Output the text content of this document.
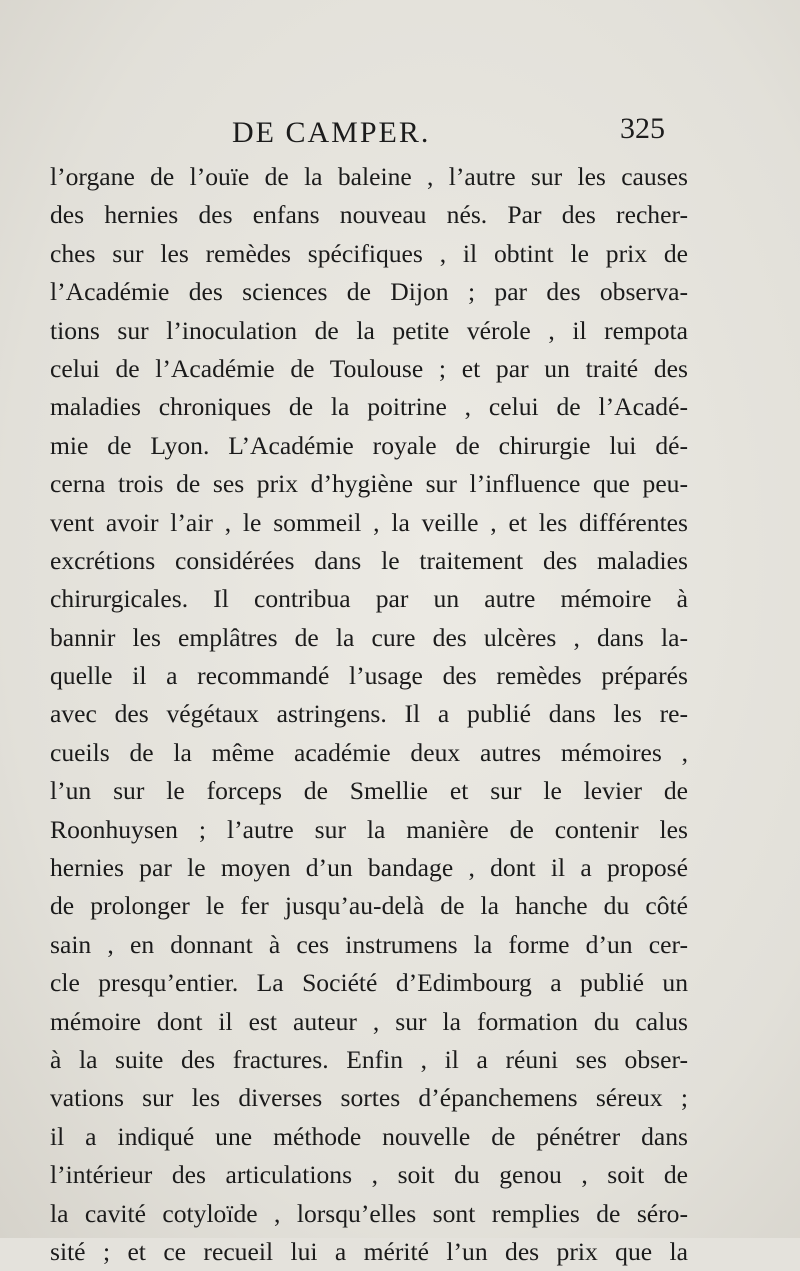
DE CAMPER.	325
l’organe de l’ouïe de la baleine , l’autre sur les causes
des hernies des enfans nouveau nés. Par des recher-
ches sur les remèdes spécifiques , il obtint le prix de
l’Académie des sciences de Dijon ; par des observa-
tions sur l’inoculation de la petite vérole , il rempota
celui de l’Académie de Toulouse ; et par un traité des
maladies chroniques de la poitrine , celui de l’Acadé-
mie de Lyon. L’Académie royale de chirurgie lui dé-
cerna trois de ses prix d’hygiène sur l’influence que peu-
vent avoir l’air , le sommeil , la veille , et les différentes
excrétions considérées dans le traitement des maladies
chirurgicales. Il contribua par un autre mémoire à
bannir les emplâtres de la cure des ulcères , dans la-
quelle il a recommandé l’usage des remèdes préparés
avec des végétaux astringens. Il a publié dans les re-
cueils de la même académie deux autres mémoires ,
l’un sur le forceps de Smellie et sur le levier de
Roonhuysen ; l’autre sur la manière de contenir les
hernies par le moyen d’un bandage , dont il a proposé
de prolonger le fer jusqu’au-delà de la hanche du côté
sain , en donnant à ces instrumens la forme d’un cer-
cle presqu’entier. La Société d’Edimbourg a publié un
mémoire dont il est auteur , sur la formation du calus
à la suite des fractures. Enfin , il a réuni ses obser-
vations sur les diverses sortes d’épanchemens séreux ;
il a indiqué une méthode nouvelle de pénétrer dans
l’intérieur des articulations , soit du genou , soit de
la cavité cotyloïde , lorsqu’elles sont remplies de séro-
sité ; et ce recueil lui a mérité l’un des prix que la
